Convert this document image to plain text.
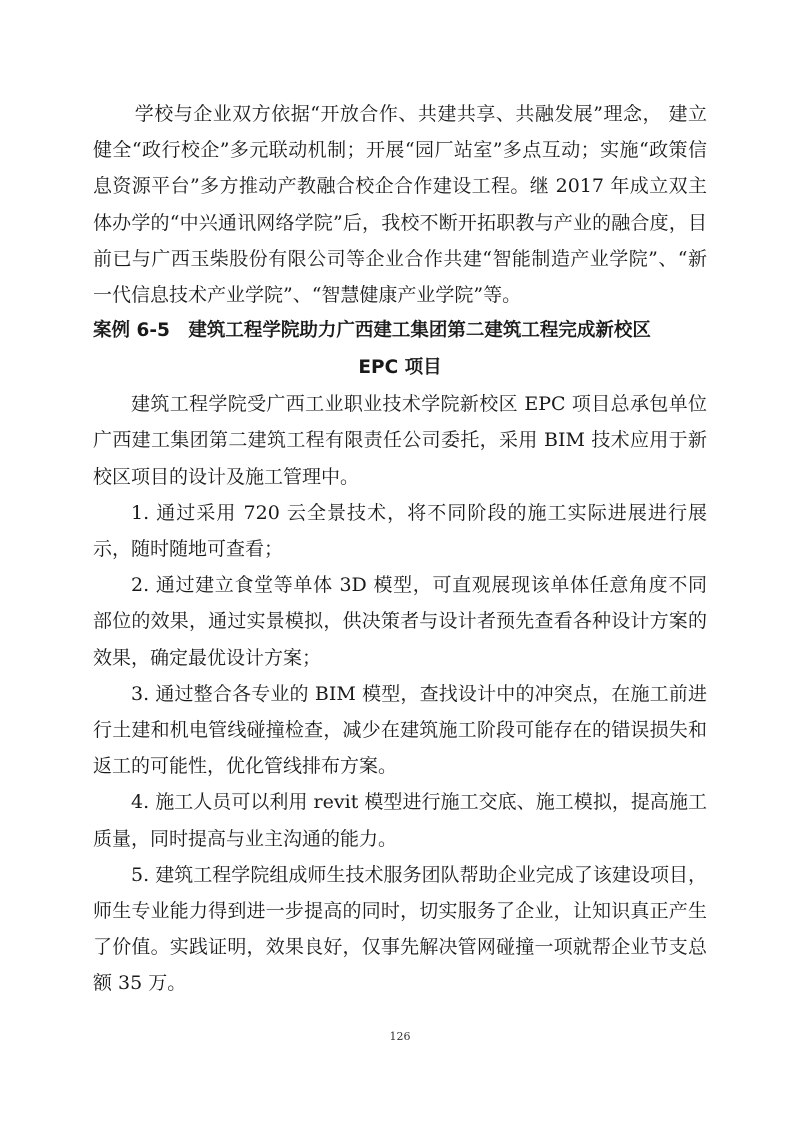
学校与企业双方依据“开放合作、共建共享、共融发展”理念， 建立健全“政行校企”多元联动机制；开展“园厂站室”多点互动；实施“政策信息资源平台”多方推动产教融合校企合作建设工程。继 2017 年成立双主体办学的“中兴通讯网络学院”后，我校不断开拓职教与产业的融合度，目前已与广西玉柴股份有限公司等企业合作共建“智能制造产业学院”、“新一代信息技术产业学院”、“智慧健康产业学院”等。

案例 6-5　建筑工程学院助力广西建工集团第二建筑工程完成新校区
EPC 项目

建筑工程学院受广西工业职业技术学院新校区 EPC 项目总承包单位广西建工集团第二建筑工程有限责任公司委托，采用 BIM 技术应用于新校区项目的设计及施工管理中。

1. 通过采用 720 云全景技术，将不同阶段的施工实际进展进行展示，随时随地可查看；

2. 通过建立食堂等单体 3D 模型，可直观展现该单体任意角度不同部位的效果，通过实景模拟，供决策者与设计者预先查看各种设计方案的效果，确定最优设计方案；

3. 通过整合各专业的 BIM 模型，查找设计中的冲突点，在施工前进行土建和机电管线碰撞检查，减少在建筑施工阶段可能存在的错误损失和返工的可能性，优化管线排布方案。

4. 施工人员可以利用 revit 模型进行施工交底、施工模拟，提高施工质量，同时提高与业主沟通的能力。

5. 建筑工程学院组成师生技术服务团队帮助企业完成了该建设项目，师生专业能力得到进一步提高的同时，切实服务了企业，让知识真正产生了价值。实践证明，效果良好，仅事先解决管网碰撞一项就帮企业节支总额 35 万。

126
